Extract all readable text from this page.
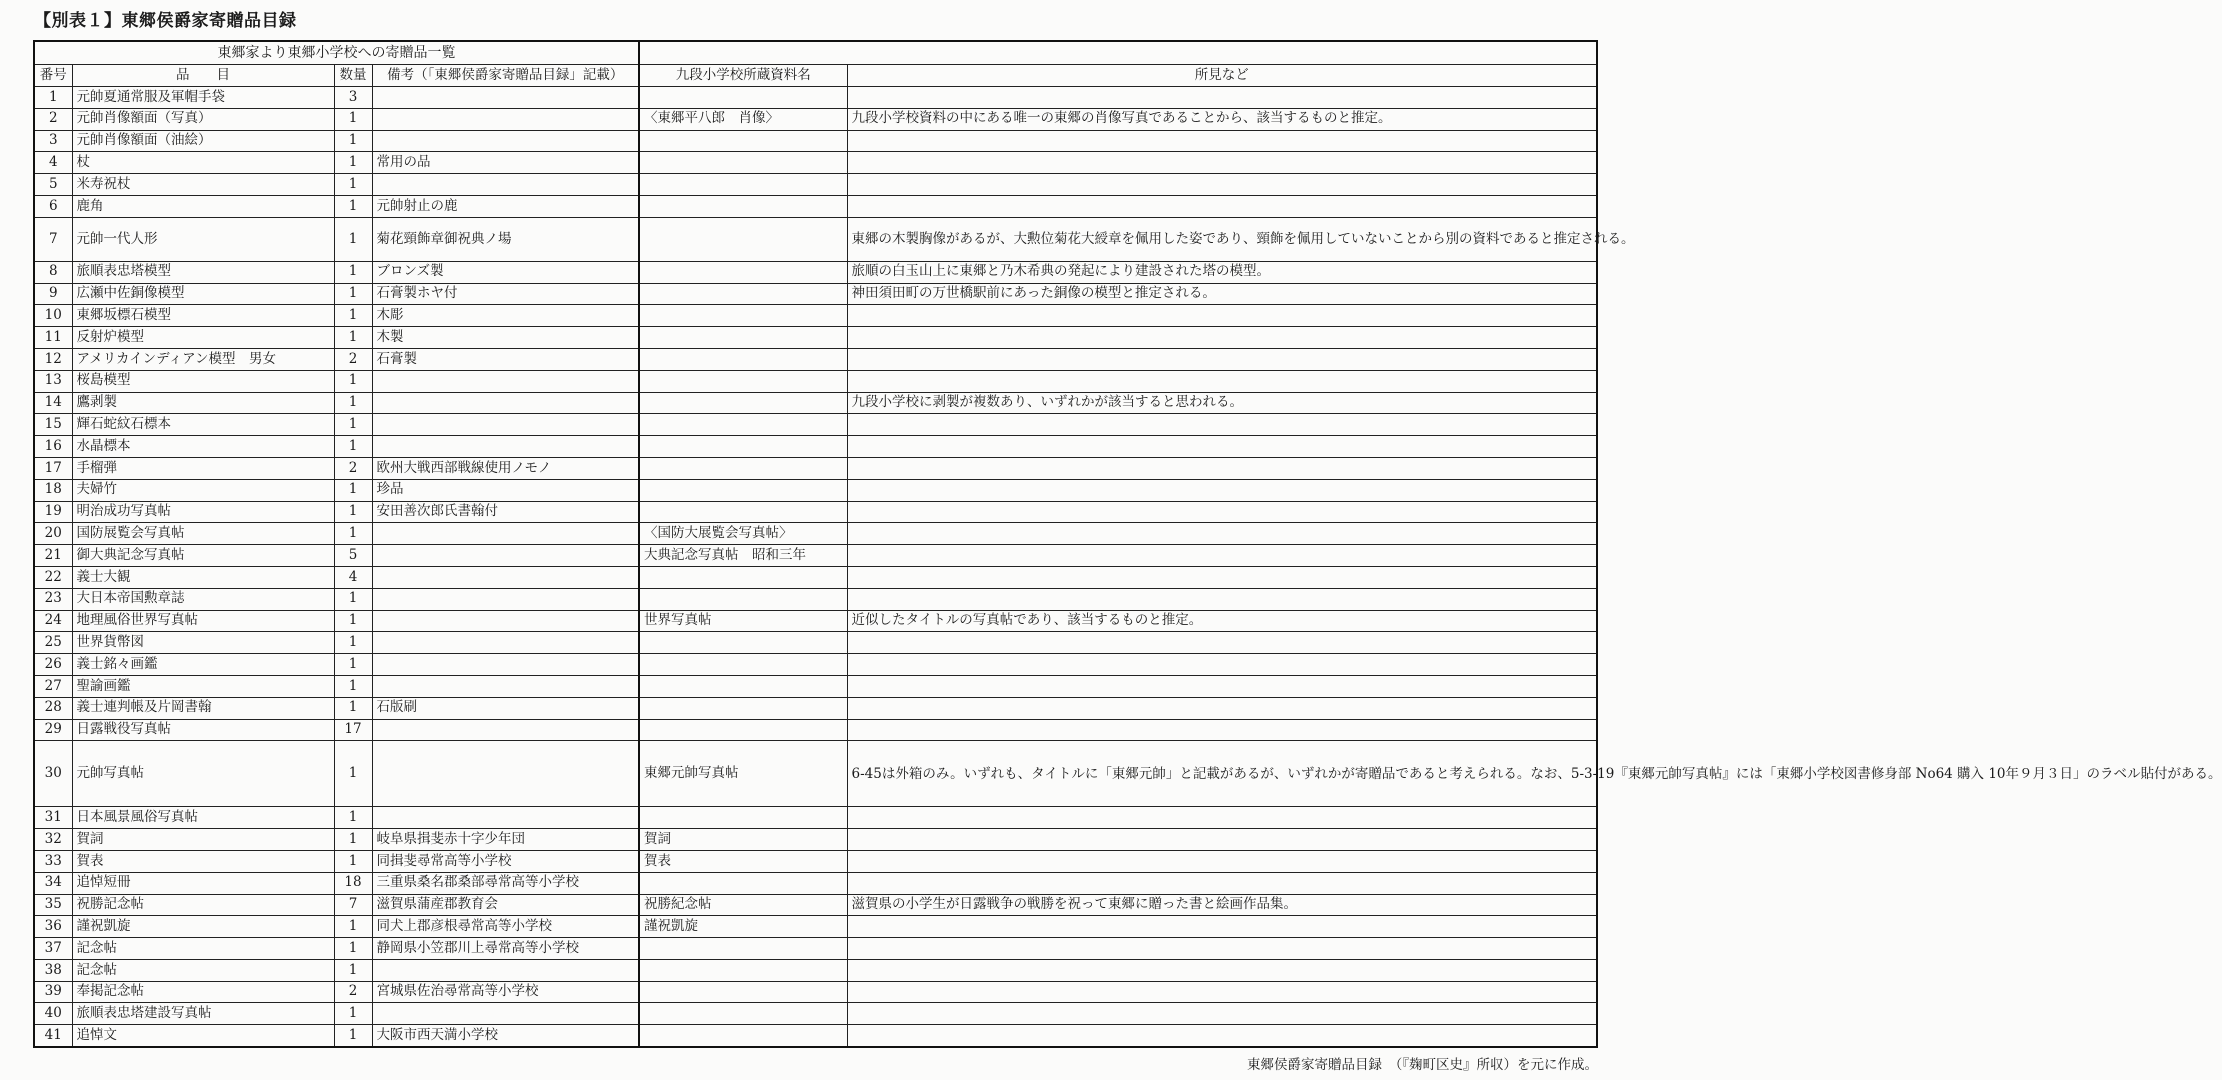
【別表１】東郷侯爵家寄贈品目録
東郷家より東郷小学校への寄贈品一覧					
番号	品　　目	数量	備考（「東郷侯爵家寄贈品目録」記載）	九段小学校所蔵資料名	所見など
1	元帥夏通常服及軍帽手袋	3			
2	元帥肖像額面（写真）	1		〈東郷平八郎　肖像〉	九段小学校資料の中にある唯一の東郷の肖像写真であることから、該当するものと推定。
3	元帥肖像額面（油絵）	1			
4	杖	1	常用の品		
5	米寿祝杖	1			
6	鹿角	1	元帥射止の鹿		
7	元帥一代人形	1	菊花頸飾章御祝典ノ場		東郷の木製胸像があるが、大勲位菊花大綬章を佩用した姿であり、頸飾を佩用していないことから別の資料であると推定される。
8	旅順表忠塔模型	1	ブロンズ製		旅順の白玉山上に東郷と乃木希典の発起により建設された塔の模型。
9	広瀬中佐銅像模型	1	石膏製ホヤ付		神田須田町の万世橋駅前にあった銅像の模型と推定される。
10	東郷坂標石模型	1	木彫		
11	反射炉模型	1	木製		
12	アメリカインディアン模型　男女	2	石膏製		
13	桜島模型	1			
14	鷹剥製	1			九段小学校に剥製が複数あり、いずれかが該当すると思われる。
15	輝石蛇紋石標本	1			
16	水晶標本	1			
17	手榴弾	2	欧州大戦西部戦線使用ノモノ		
18	夫婦竹	1	珍品		
19	明治成功写真帖	1	安田善次郎氏書翰付		
20	国防展覧会写真帖	1		〈国防大展覧会写真帖〉	
21	御大典記念写真帖	5		大典記念写真帖　昭和三年	
22	義士大観	4			
23	大日本帝国勲章誌	1			
24	地理風俗世界写真帖	1		世界写真帖	近似したタイトルの写真帖であり、該当するものと推定。
25	世界貨幣図	1			
26	義士銘々画鑑	1			
27	聖諭画鑑	1			
28	義士連判帳及片岡書翰	1	石版刷		
29	日露戦役写真帖	17			
30	元帥写真帖	1		東郷元帥写真帖	6-45は外箱のみ。いずれも、タイトルに「東郷元帥」と記載があるが、いずれかが寄贈品であると考えられる。なお、5-3-19『東郷元帥写真帖』には「東郷小学校図書修身部 No64 購入 10年９月３日」のラベル貼付がある。
31	日本風景風俗写真帖	1			
32	賀詞	1	岐阜県揖斐赤十字少年団	賀詞	
33	賀表	1	同揖斐尋常高等小学校	賀表	
34	追悼短冊	18	三重県桑名郡桑部尋常高等小学校		
35	祝勝記念帖	7	滋賀県蒲産郡教育会	祝勝紀念帖	滋賀県の小学生が日露戦争の戦勝を祝って東郷に贈った書と絵画作品集。
36	謹祝凱旋	1	同犬上郡彦根尋常高等小学校	謹祝凱旋	
37	記念帖	1	静岡県小笠郡川上尋常高等小学校		
38	記念帖	1			
39	奉掲記念帖	2	宮城県佐治尋常高等小学校		
40	旅順表忠塔建設写真帖	1			
41	追悼文	1	大阪市西天満小学校		
東郷侯爵家寄贈品目録　（『麹町区史』所収）を元に作成。
